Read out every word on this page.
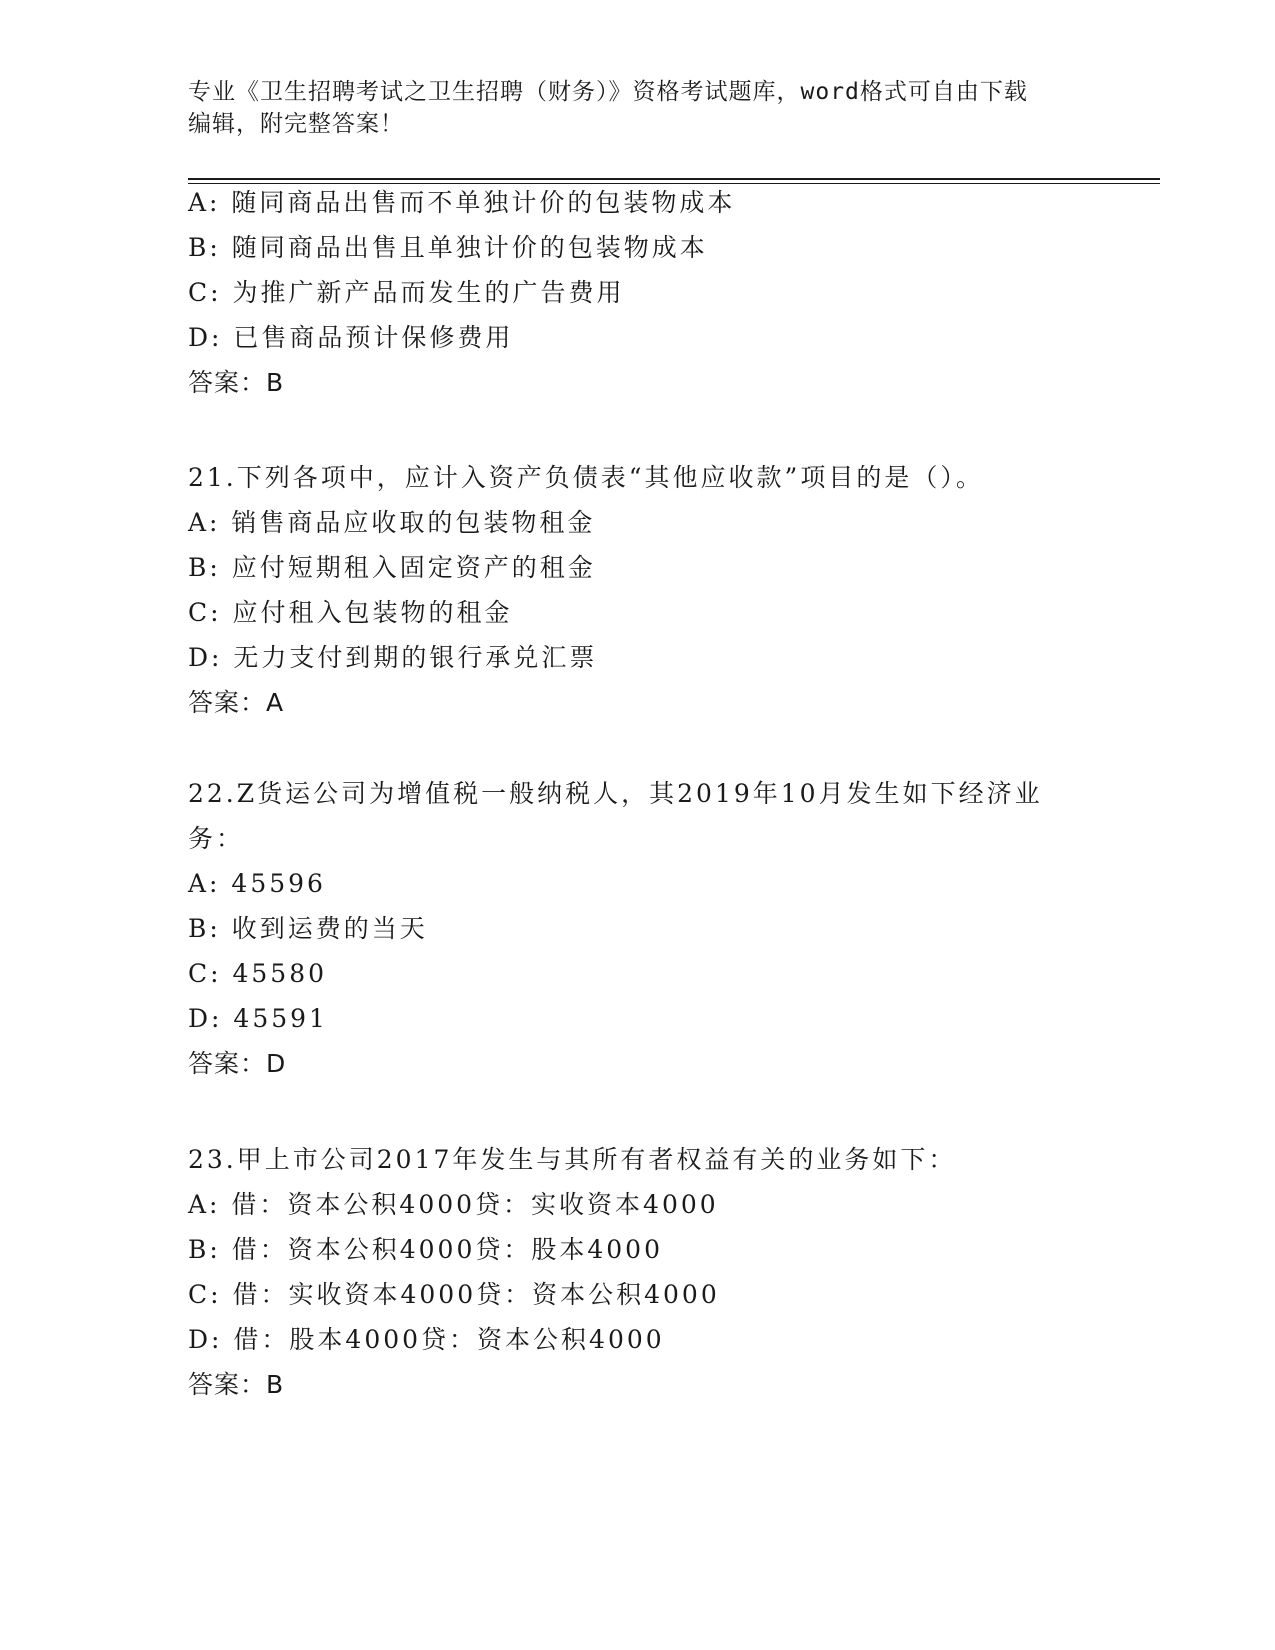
专业《卫生招聘考试之卫生招聘（财务）》资格考试题库，word格式可自由下载
编辑，附完整答案！
A: 随同商品出售而不单独计价的包装物成本
B: 随同商品出售且单独计价的包装物成本
C: 为推广新产品而发生的广告费用
D: 已售商品预计保修费用
答案：B
21.下列各项中，应计入资产负债表“其他应收款”项目的是（）。
A: 销售商品应收取的包装物租金
B: 应付短期租入固定资产的租金
C: 应付租入包装物的租金
D: 无力支付到期的银行承兑汇票
答案：A
22.Z货运公司为增值税一般纳税人，其2019年10月发生如下经济业
务：
A: 45596
B: 收到运费的当天
C: 45580
D: 45591
答案：D
23.甲上市公司2017年发生与其所有者权益有关的业务如下：
A: 借：资本公积4000贷：实收资本4000
B: 借：资本公积4000贷：股本4000
C: 借：实收资本4000贷：资本公积4000
D: 借：股本4000贷：资本公积4000
答案：B
